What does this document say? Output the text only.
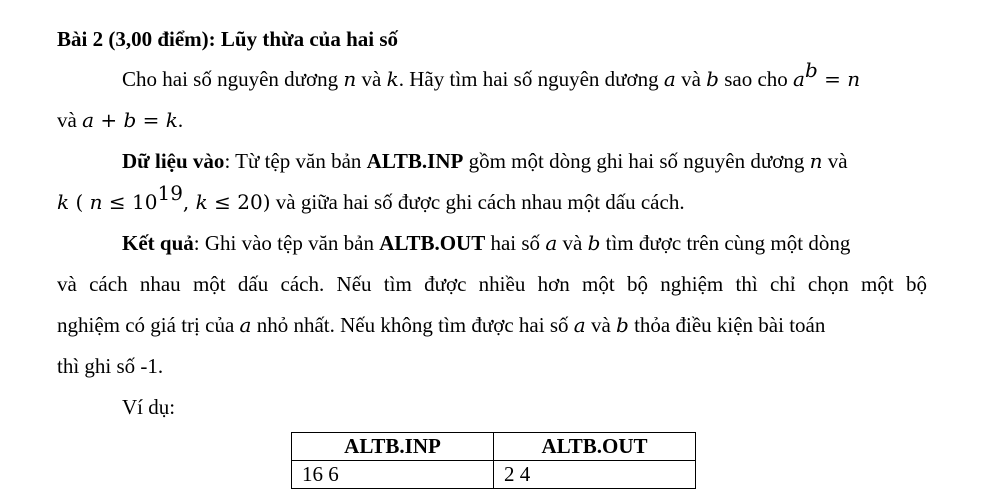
Bài 2 (3,00 điểm): Lũy thừa của hai số
Cho hai số nguyên dương n và k. Hãy tìm hai số nguyên dương a và b sao cho $a^b = n$
và a + b = k.
Dữ liệu vào: Từ tệp văn bản ALTB.INP gồm một dòng ghi hai số nguyên dương n và
k ( $n \le 10^{19}$, k ≤ 20) và giữa hai số được ghi cách nhau một dấu cách.
Kết quả: Ghi vào tệp văn bản ALTB.OUT hai số a và b tìm được trên cùng một dòng
và cách nhau một dấu cách. Nếu tìm được nhiều hơn một bộ nghiệm thì chỉ chọn một bộ
nghiệm có giá trị của a nhỏ nhất. Nếu không tìm được hai số a và b thỏa điều kiện bài toán
thì ghi số -1.
Ví dụ:
ALTB.INP	ALTB.OUT
16 6	2 4
